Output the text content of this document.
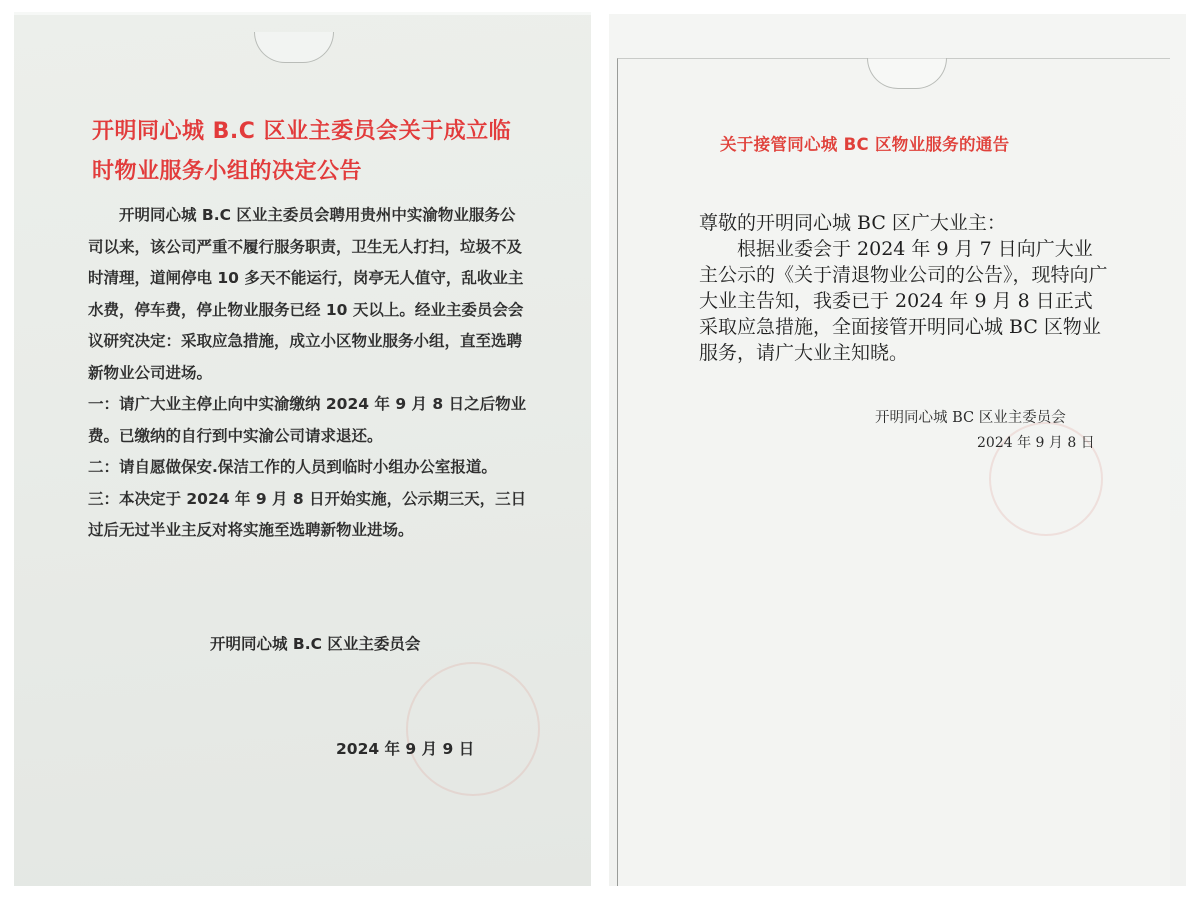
开明同心城 B.C 区业主委员会关于成立临时物业服务小组的决定公告

开明同心城 B.C 区业主委员会聘用贵州中实渝物业服务公司以来，该公司严重不履行服务职责，卫生无人打扫，垃圾不及时清理，道闸停电 10 多天不能运行，岗亭无人值守，乱收业主水费，停车费，停止物业服务已经 10 天以上。经业主委员会会议研究决定：采取应急措施，成立小区物业服务小组，直至选聘新物业公司进场。

一：请广大业主停止向中实渝缴纳 2024 年 9 月 8 日之后物业费。已缴纳的自行到中实渝公司请求退还。

二：请自愿做保安.保洁工作的人员到临时小组办公室报道。

三：本决定于 2024 年 9 月 8 日开始实施，公示期三天，三日过后无过半业主反对将实施至选聘新物业进场。

开明同心城 B.C 区业主委员会
2024 年 9 月 9 日
关于接管同心城 BC 区物业服务的通告

尊敬的开明同心城 BC 区广大业主：

根据业委会于 2024 年 9 月 7 日向广大业主公示的《关于清退物业公司的公告》，现特向广大业主告知，我委已于 2024 年 9 月 8 日正式采取应急措施，全面接管开明同心城 BC 区物业服务，请广大业主知晓。

开明同心城 BC 区业主委员会
2024 年 9 月 8 日
